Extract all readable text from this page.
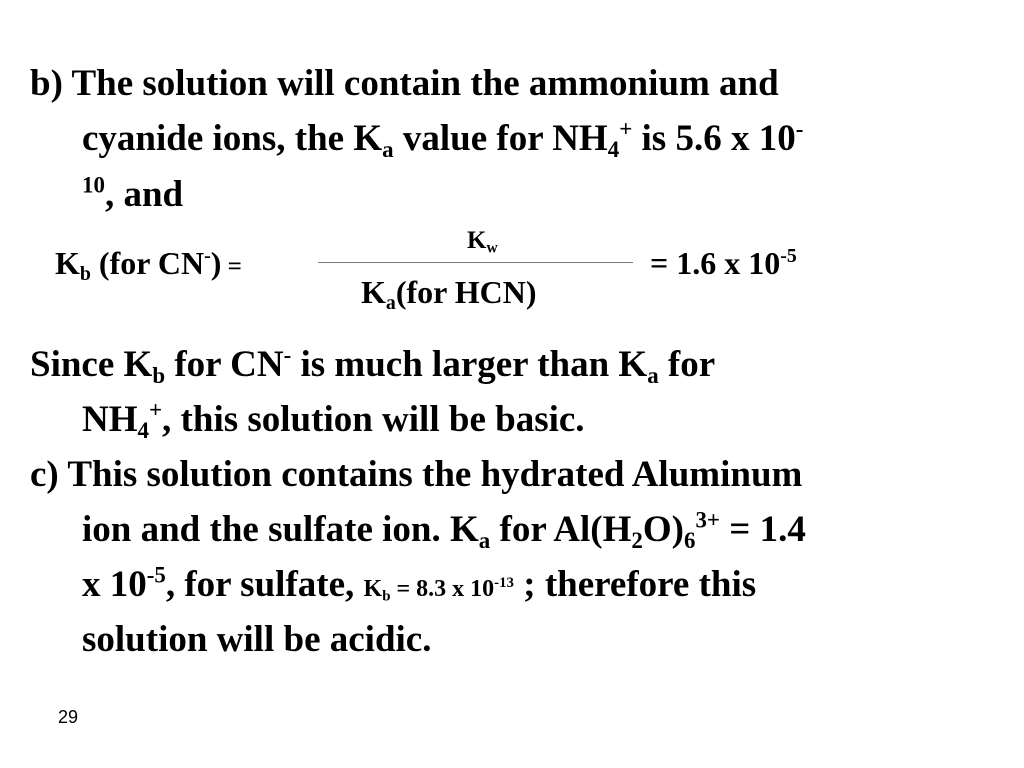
b) The solution will contain the ammonium and
cyanide ions, the $K_a$ value for $NH_4^+$ is 5.6 x 10-
$^{10}$, and
$K_b$ (for CN-) =
$K_w$
$K_a(for$ HCN)
= 1.6 x $10^{-5}$
Since $K_b$ for CN- is much larger than $K_a$ for
$NH_4^+$, this solution will be basic.
c) This solution contains the hydrated Aluminum
ion and the sulfate ion. $K_a$ for $Al(H_2O)_6^{3+} = 1.4$
x $10^{-5}$, for sulfate, $K_b = 8.3$ x $10^{-13}$ ; therefore this
solution will be acidic.
29
